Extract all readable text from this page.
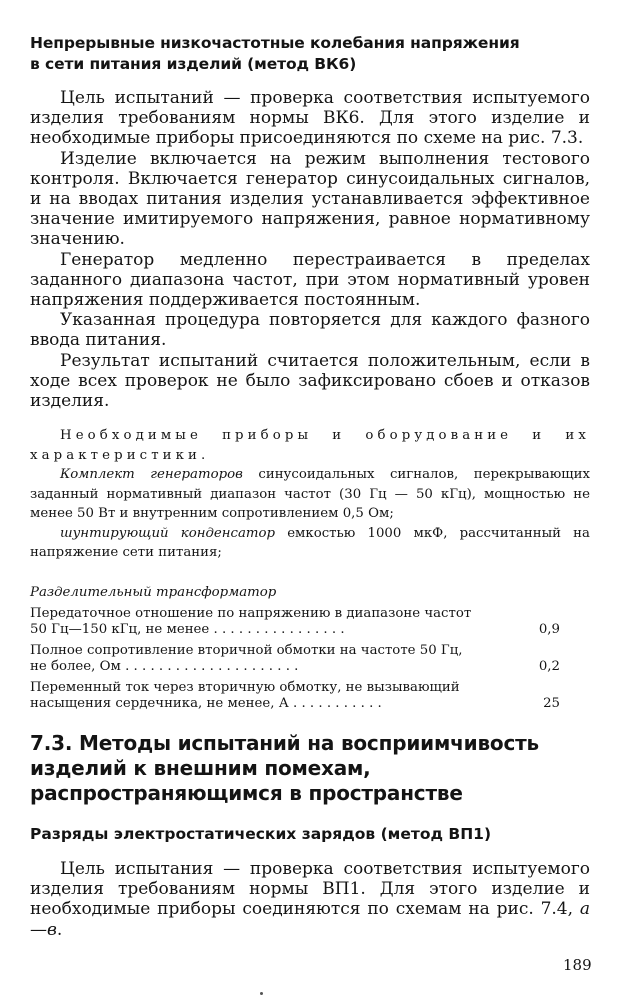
Непрерывные низкочастотные колебания напряжения
в сети питания изделий (метод ВК6)

Цель испытаний — проверка соответствия испытуемого изделия требованиям нормы ВК6. Для этого изделие и необходимые приборы присоединяются по схеме на рис. 7.3.

Изделие включается на режим выполнения тестового контроля. Включается генератор синусоидальных сигналов, и на вводах питания изделия устанавливается эффективное значение имитируемого напряжения, равное нормативному значению.

Генератор медленно перестраивается в пределах заданного диапазона частот, при этом нормативный уровен напряжения поддерживается постоянным.

Указанная процедура повторяется для каждого фазного ввода питания.

Результат испытаний считается положительным, если в ходе всех проверок не было зафиксировано сбоев и отказов изделия.

Необходимые приборы и оборудование и их характеристики.

Комплект генераторов синусоидальных сигналов, перекрывающих заданный нормативный диапазон частот (30 Гц — 50 кГц), мощностью не менее 50 Вт и внутренним сопротивлением 0,5 Ом;

шунтирующий конденсатор емкостью 1000 мкФ, рассчитанный на напряжение сети питания;

Разделительный трансформатор
Передаточное отношение по напряжению в диапазоне частот
50 Гц—150 кГц, не менее . . . . . . . . . . . . . . . .	0,9
Полное сопротивление вторичной обмотки на частоте 50 Гц,
не более, Ом . . . . . . . . . . . . . . . . . . . . .	0,2
Переменный ток через вторичную обмотку, не вызывающий
насыщения сердечника, не менее, А . . . . . . . . . . .	25
7.3. Методы испытаний на восприимчивость
изделий к внешним помехам,
распространяющимся в пространстве
Разряды электростатических зарядов (метод ВП1)

Цель испытания — проверка соответствия испытуемого изделия требованиям нормы ВП1. Для этого изделие и необходимые приборы соединяются по схемам на рис. 7.4, а—в.

189
